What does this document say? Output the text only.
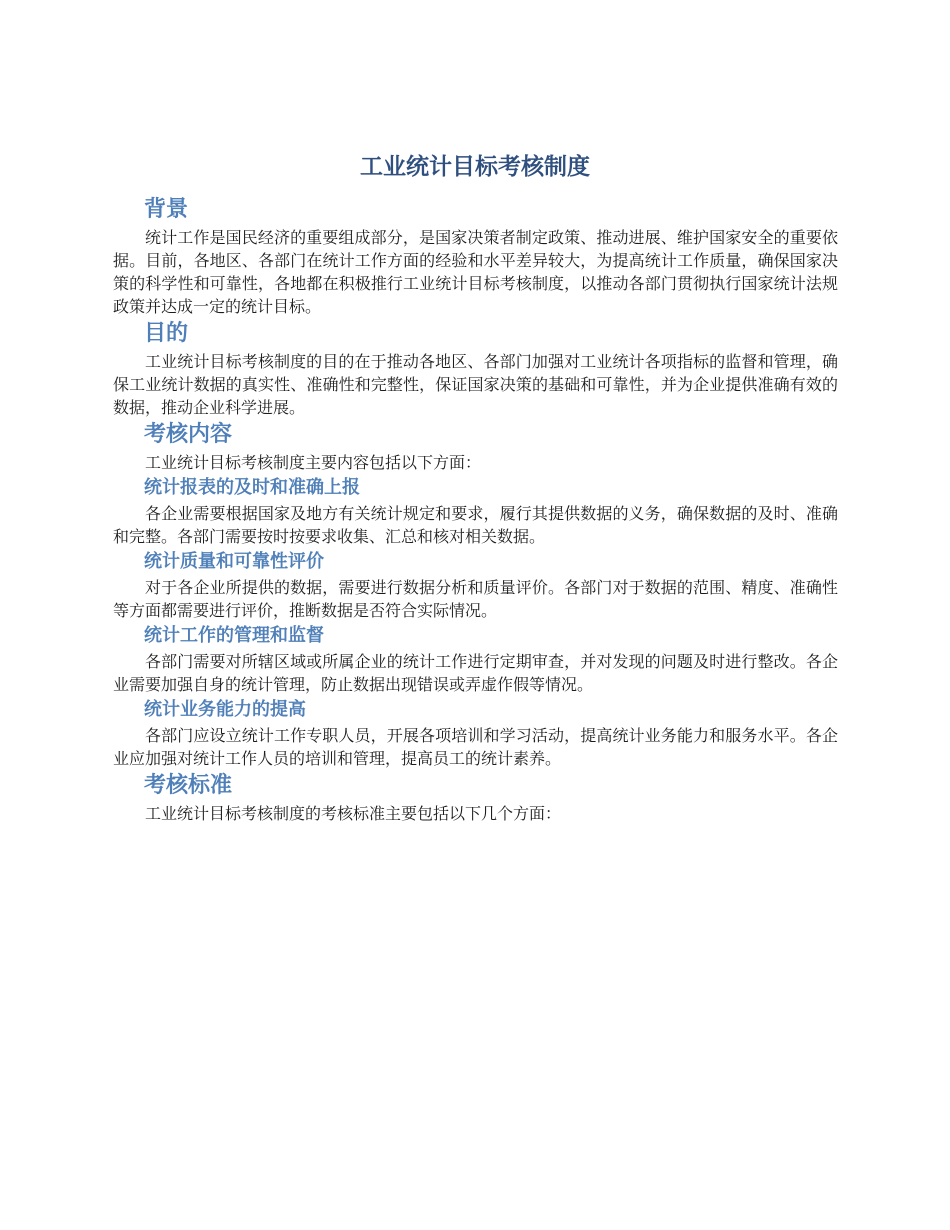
工业统计目标考核制度
背景

统计工作是国民经济的重要组成部分，是国家决策者制定政策、推动进展、维护国家安全的重要依据。目前，各地区、各部门在统计工作方面的经验和水平差异较大，为提高统计工作质量，确保国家决策的科学性和可靠性，各地都在积极推行工业统计目标考核制度，以推动各部门贯彻执行国家统计法规政策并达成一定的统计目标。

目的

工业统计目标考核制度的目的在于推动各地区、各部门加强对工业统计各项指标的监督和管理，确保工业统计数据的真实性、准确性和完整性，保证国家决策的基础和可靠性，并为企业提供准确有效的数据，推动企业科学进展。

考核内容

工业统计目标考核制度主要内容包括以下方面：

统计报表的及时和准确上报

各企业需要根据国家及地方有关统计规定和要求，履行其提供数据的义务，确保数据的及时、准确和完整。各部门需要按时按要求收集、汇总和核对相关数据。

统计质量和可靠性评价

对于各企业所提供的数据，需要进行数据分析和质量评价。各部门对于数据的范围、精度、准确性等方面都需要进行评价，推断数据是否符合实际情况。

统计工作的管理和监督

各部门需要对所辖区域或所属企业的统计工作进行定期审查，并对发现的问题及时进行整改。各企业需要加强自身的统计管理，防止数据出现错误或弄虚作假等情况。

统计业务能力的提高

各部门应设立统计工作专职人员，开展各项培训和学习活动，提高统计业务能力和服务水平。各企业应加强对统计工作人员的培训和管理，提高员工的统计素养。

考核标准

工业统计目标考核制度的考核标准主要包括以下几个方面：
